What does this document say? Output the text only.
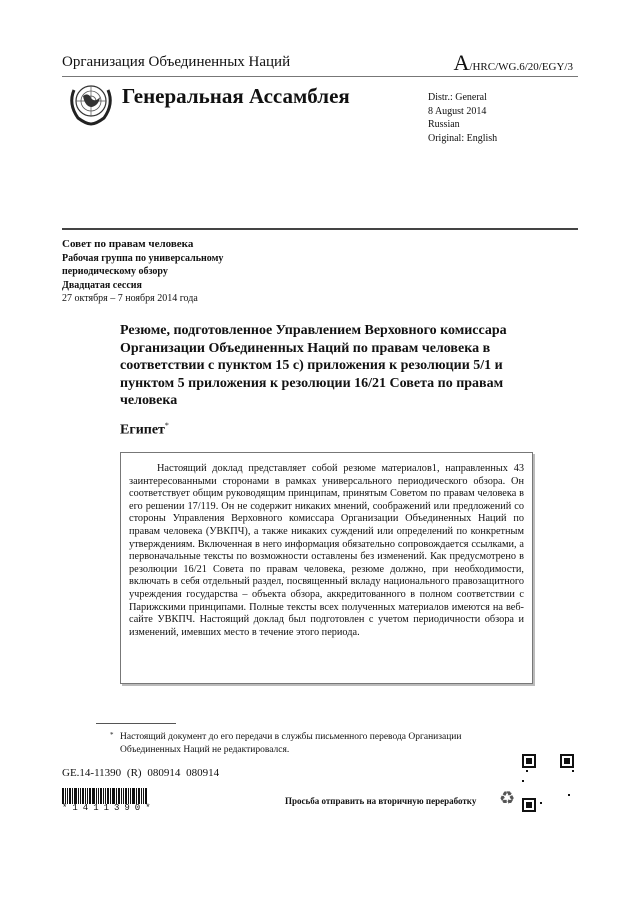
Организация Объединенных Наций	A/HRC/WG.6/20/EGY/3
Генеральная Ассамблея	Distr.: General
8 August 2014
Russian
Original: English
Совет по правам человека
Рабочая группа по универсальному
периодическому обзору
Двадцатая сессия
27 октября – 7 ноября 2014 года
Резюме, подготовленное Управлением Верховного комиссара Организации Объединенных Наций по правам человека в соответствии с пунктом 15 с) приложения к резолюции 5/1 и пунктом 5 приложения к резолюции 16/21 Совета по правам человека
Египет*

Настоящий доклад представляет собой резюме материалов1, направленных 43 заинтересованными сторонами в рамках универсального периодического обзора. Он соответствует общим руководящим принципам, принятым Советом по правам человека в его решении 17/119. Он не содержит никаких мнений, соображений или предложений со стороны Управления Верховного комиссара Организации Объединенных Наций по правам человека (УВКПЧ), а также никаких суждений или определений по конкретным утверждениям. Включенная в него информация обязательно сопровождается ссылками, а первоначальные тексты по возможности оставлены без изменений. Как предусмотрено в резолюции 16/21 Совета по правам человека, резюме должно, при необходимости, включать в себя отдельный раздел, посвященный вкладу национального правозащитного учреждения государства – объекта обзора, аккредитованного в полном соответствии с Парижскими принципами. Полные тексты всех полученных материалов имеются на веб-сайте УВКПЧ. Настоящий доклад был подготовлен с учетом периодичности обзора и изменений, имевших место в течение этого периода.

* Настоящий документ до его передачи в службы письменного перевода Организации Объединенных Наций не редактировался.
GE.14-11390 (R) 080914 080914
*1411390*
Просьба отправить на вторичную переработку ♻
